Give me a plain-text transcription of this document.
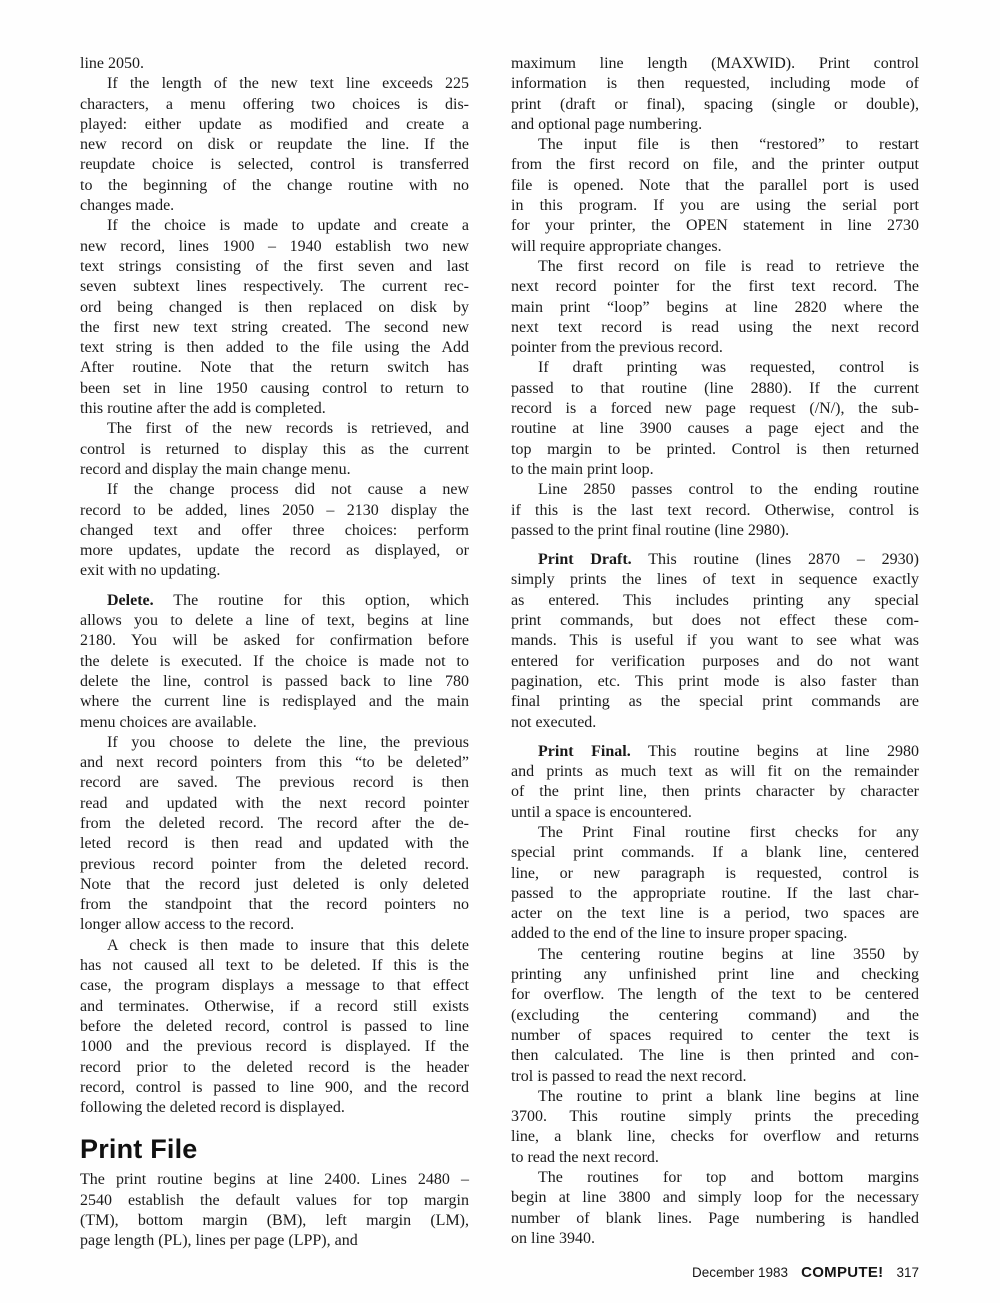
line 2050.
If the length of the new text line exceeds 225
characters, a menu offering two choices is dis-
played: either update as modified and create a
new record on disk or reupdate the line. If the
reupdate choice is selected, control is transferred
to the beginning of the change routine with no
changes made.
If the choice is made to update and create a
new record, lines 1900 – 1940 establish two new
text strings consisting of the first seven and last
seven subtext lines respectively. The current rec-
ord being changed is then replaced on disk by
the first new text string created. The second new
text string is then added to the file using the Add
After routine. Note that the return switch has
been set in line 1950 causing control to return to
this routine after the add is completed.
The first of the new records is retrieved, and
control is returned to display this as the current
record and display the main change menu.
If the change process did not cause a new
record to be added, lines 2050 – 2130 display the
changed text and offer three choices: perform
more updates, update the record as displayed, or
exit with no updating.
Delete. The routine for this option, which
allows you to delete a line of text, begins at line
2180. You will be asked for confirmation before
the delete is executed. If the choice is made not to
delete the line, control is passed back to line 780
where the current line is redisplayed and the main
menu choices are available.
If you choose to delete the line, the previous
and next record pointers from this “to be deleted”
record are saved. The previous record is then
read and updated with the next record pointer
from the deleted record. The record after the de-
leted record is then read and updated with the
previous record pointer from the deleted record.
Note that the record just deleted is only deleted
from the standpoint that the record pointers no
longer allow access to the record.
A check is then made to insure that this delete
has not caused all text to be deleted. If this is the
case, the program displays a message to that effect
and terminates. Otherwise, if a record still exists
before the deleted record, control is passed to line
1000 and the previous record is displayed. If the
record prior to the deleted record is the header
record, control is passed to line 900, and the record
following the deleted record is displayed.
Print File
The print routine begins at line 2400. Lines 2480 –
2540 establish the default values for top margin
(TM), bottom margin (BM), left margin (LM),
page length (PL), lines per page (LPP), and
maximum line length (MAXWID). Print control
information is then requested, including mode of
print (draft or final), spacing (single or double),
and optional page numbering.
The input file is then “restored” to restart
from the first record on file, and the printer output
file is opened. Note that the parallel port is used
in this program. If you are using the serial port
for your printer, the OPEN statement in line 2730
will require appropriate changes.
The first record on file is read to retrieve the
next record pointer for the first text record. The
main print “loop” begins at line 2820 where the
next text record is read using the next record
pointer from the previous record.
If draft printing was requested, control is
passed to that routine (line 2880). If the current
record is a forced new page request (/N/), the sub-
routine at line 3900 causes a page eject and the
top margin to be printed. Control is then returned
to the main print loop.
Line 2850 passes control to the ending routine
if this is the last text record. Otherwise, control is
passed to the print final routine (line 2980).
Print Draft. This routine (lines 2870 – 2930)
simply prints the lines of text in sequence exactly
as entered. This includes printing any special
print commands, but does not effect these com-
mands. This is useful if you want to see what was
entered for verification purposes and do not want
pagination, etc. This print mode is also faster than
final printing as the special print commands are
not executed.
Print Final. This routine begins at line 2980
and prints as much text as will fit on the remainder
of the print line, then prints character by character
until a space is encountered.
The Print Final routine first checks for any
special print commands. If a blank line, centered
line, or new paragraph is requested, control is
passed to the appropriate routine. If the last char-
acter on the text line is a period, two spaces are
added to the end of the line to insure proper spacing.
The centering routine begins at line 3550 by
printing any unfinished print line and checking
for overflow. The length of the text to be centered
(excluding the centering command) and the
number of spaces required to center the text is
then calculated. The line is then printed and con-
trol is passed to read the next record.
The routine to print a blank line begins at line
3700. This routine simply prints the preceding
line, a blank line, checks for overflow and returns
to read the next record.
The routines for top and bottom margins
begin at line 3800 and simply loop for the necessary
number of blank lines. Page numbering is handled
on line 3940.
December 1983 COMPUTE! 317
